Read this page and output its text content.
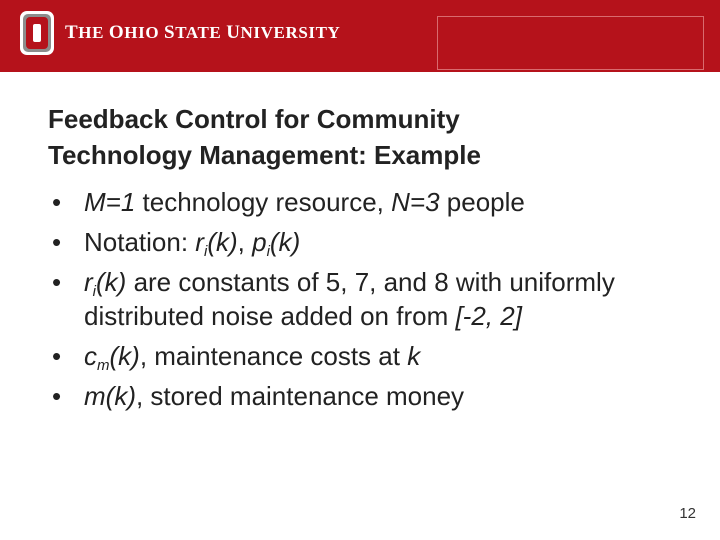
THE OHIO STATE UNIVERSITY
Feedback Control for Community
Technology Management: Example
• M=1 technology resource, N=3 people
• Notation: $r_i(k)$, $p_i(k)$
• $r_i(k)$ are constants of 5, 7, and 8 with uniformly distributed noise added on from [-2, 2]
• $c_m(k)$, maintenance costs at k
• m(k), stored maintenance money
12
